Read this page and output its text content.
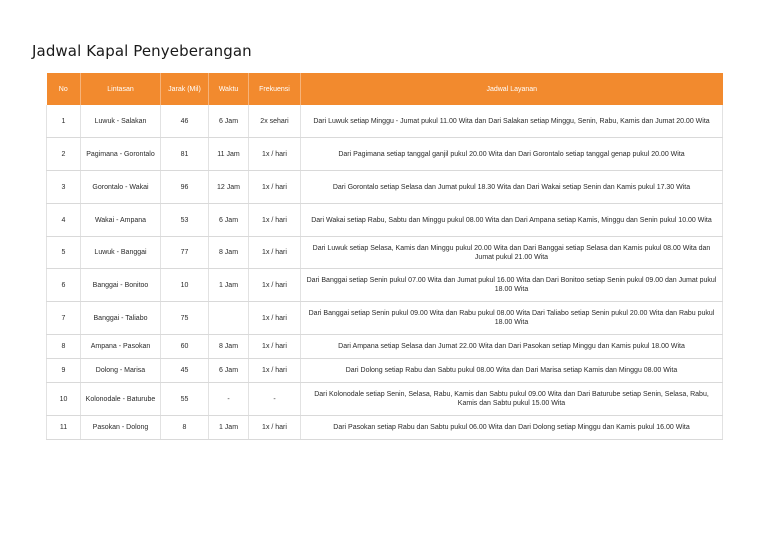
Jadwal Kapal Penyeberangan
No	Lintasan	Jarak (Mil)	Waktu	Frekuensi	Jadwal Layanan
1	Luwuk - Salakan	46	6 Jam	2x sehari	Dari Luwuk setiap Minggu - Jumat pukul 11.00 Wita dan Dari Salakan setiap Minggu, Senin, Rabu, Kamis dan Jumat 20.00 Wita
2	Pagimana - Gorontalo	81	11 Jam	1x / hari	Dari Pagimana setiap tanggal ganjil pukul 20.00 Wita dan Dari Gorontalo setiap tanggal genap pukul 20.00 Wita
3	Gorontalo - Wakai	96	12 Jam	1x / hari	Dari Gorontalo setiap Selasa dan Jumat pukul 18.30 Wita dan Dari Wakai setiap Senin dan Kamis pukul 17.30 Wita
4	Wakai - Ampana	53	6 Jam	1x / hari	Dari Wakai setiap Rabu, Sabtu dan Minggu pukul 08.00 Wita dan Dari Ampana setiap Kamis, Minggu dan Senin pukul 10.00 Wita
5	Luwuk - Banggai	77	8 Jam	1x / hari	Dari Luwuk setiap Selasa, Kamis dan Minggu pukul 20.00 Wita dan Dari Banggai setiap Selasa dan Kamis pukul 08.00 Wita dan Jumat pukul 21.00 Wita
6	Banggai - Bonitoo	10	1 Jam	1x / hari	Dari Banggai setiap Senin pukul 07.00 Wita dan Jumat pukul 16.00 Wita dan Dari Bonitoo setiap Senin pukul 09.00 dan Jumat pukul 18.00 Wita
7	Banggai - Taliabo	75		1x / hari	Dari Banggai setiap Senin pukul 09.00 Wita dan Rabu pukul 08.00 Wita Dari Taliabo setiap Senin pukul 20.00 Wita dan Rabu pukul 18.00 Wita
8	Ampana - Pasokan	60	8 Jam	1x / hari	Dari Ampana setiap Selasa dan Jumat 22.00 Wita dan Dari Pasokan setiap Minggu dan Kamis pukul 18.00 Wita
9	Dolong - Marisa	45	6 Jam	1x / hari	Dari Dolong setiap Rabu dan Sabtu pukul 08.00 Wita dan Dari Marisa setiap Kamis dan Minggu 08.00 Wita
10	Kolonodale - Baturube	55	-	-	Dari Kolonodale setiap Senin, Selasa, Rabu, Kamis dan Sabtu pukul 09.00 Wita dan Dari Baturube setiap Senin, Selasa, Rabu, Kamis dan Sabtu pukul 15.00 Wita
11	Pasokan - Dolong	8	1 Jam	1x / hari	Dari Pasokan setiap Rabu dan Sabtu pukul 06.00 Wita dan Dari Dolong setiap Minggu dan Kamis pukul 16.00 Wita
